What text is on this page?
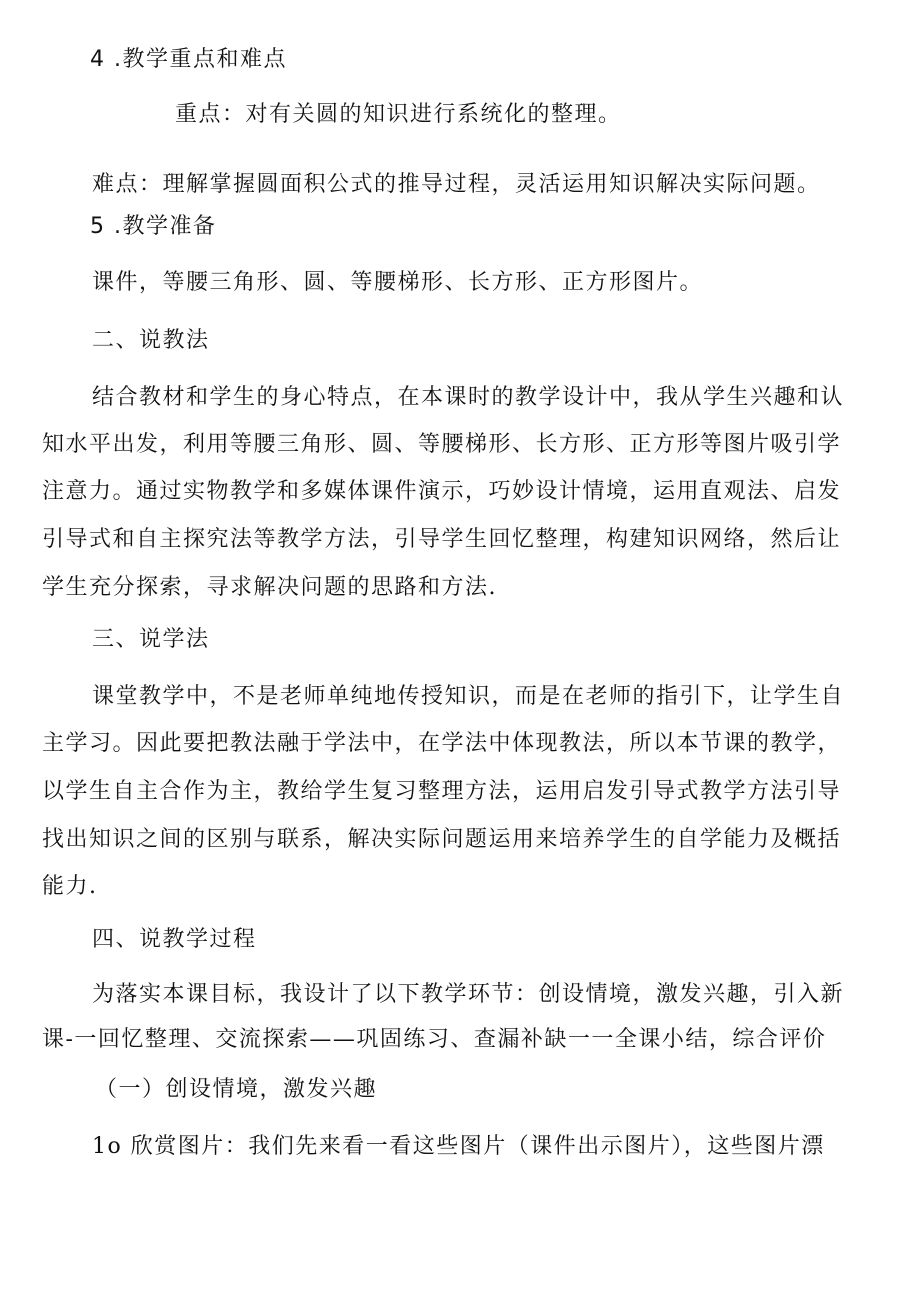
4 .教学重点和难点
重点：对有关圆的知识进行系统化的整理。
难点：理解掌握圆面积公式的推导过程，灵活运用知识解决实际问题。
5 .教学准备
课件，等腰三角形、圆、等腰梯形、长方形、正方形图片。
二、说教法
结合教材和学生的身心特点，在本课时的教学设计中，我从学生兴趣和认
知水平出发，利用等腰三角形、圆、等腰梯形、长方形、正方形等图片吸引学
注意力。通过实物教学和多媒体课件演示，巧妙设计情境，运用直观法、启发
引导式和自主探究法等教学方法，引导学生回忆整理，构建知识网络，然后让
学生充分探索，寻求解决问题的思路和方法.
三、说学法
课堂教学中，不是老师单纯地传授知识，而是在老师的指引下，让学生自
主学习。因此要把教法融于学法中，在学法中体现教法，所以本节课的教学，
以学生自主合作为主，教给学生复习整理方法，运用启发引导式教学方法引导
找出知识之间的区别与联系，解决实际问题运用来培养学生的自学能力及概括
能力.
四、说教学过程
为落实本课目标，我设计了以下教学环节：创设情境，激发兴趣，引入新
课-一回忆整理、交流探索——巩固练习、查漏补缺一一全课小结，综合评价
（一）创设情境，激发兴趣
1o 欣赏图片：我们先来看一看这些图片（课件出示图片），这些图片漂
